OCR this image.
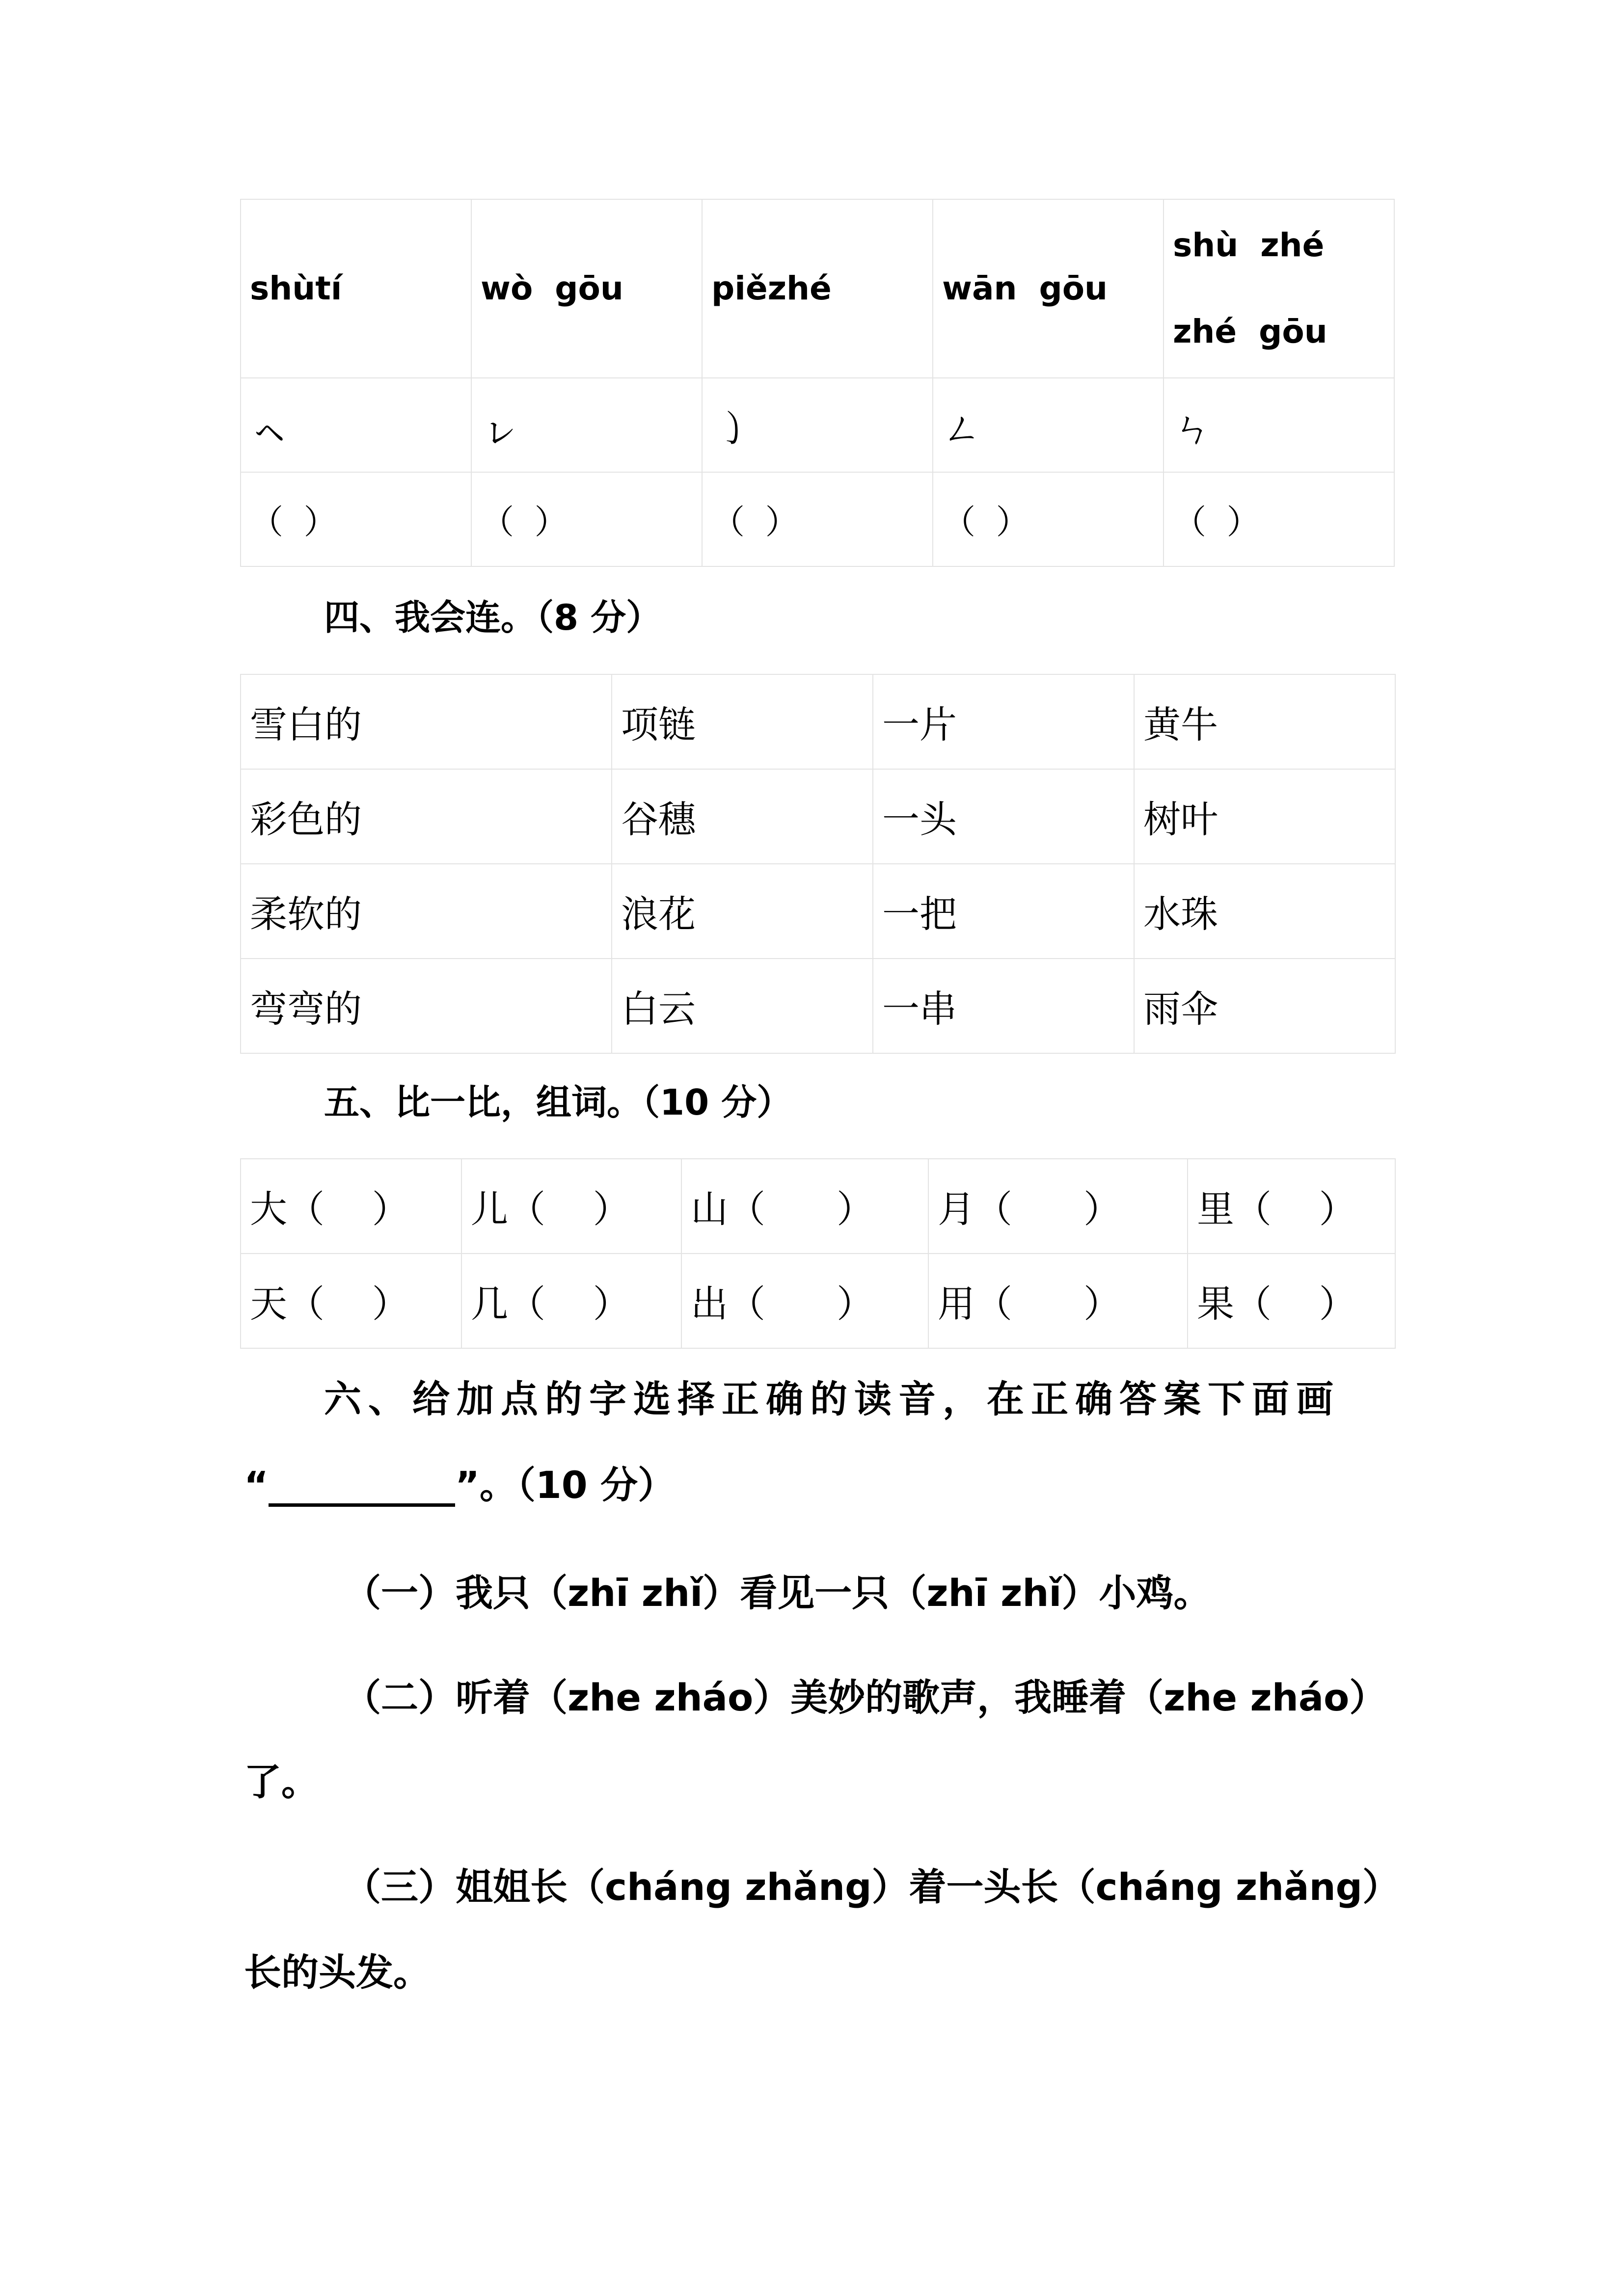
shùtí	wò gōu	piězhé	wān gōu	shù zhé zhé gōu
ㇸ	ㇾ	㇁	ㄥ	ㄣ
（ ）	（ ）	（ ）	（ ）	（ ）
四、我会连。（8 分）
雪白的	项链	一片	黄牛
彩色的	谷穗	一头	树叶
柔软的	浪花	一把	水珠
弯弯的	白云	一串	雨伞
五、比一比，组词。（10 分）
大（    ）	儿（    ）	山（      ）	月（      ）	里（    ）
天（    ）	几（    ）	出（      ）	用（      ）	果（    ）
六、给加点的字选择正确的读音，在正确答案下面画
“__________”。（10 分）
（一）我只（zhī zhǐ）看见一只（zhī zhǐ）小鸡。
（二）听着（zhe zháo）美妙的歌声，我睡着（zhe zháo）
了。
（三）姐姐长（cháng zhǎng）着一头长（cháng zhǎng）
长的头发。
